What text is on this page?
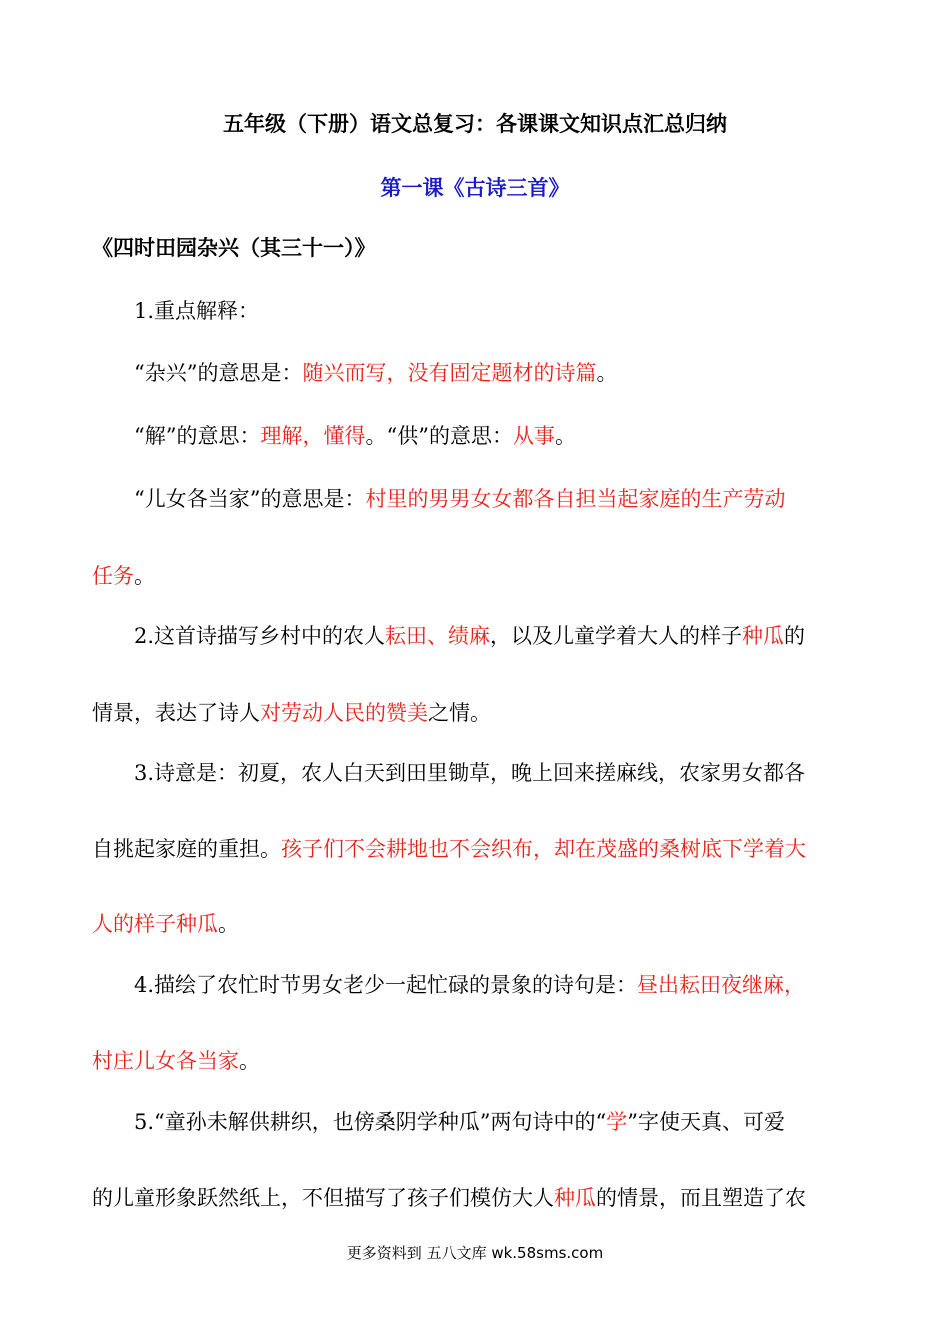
五年级（下册）语文总复习：各课课文知识点汇总归纳
第一课《古诗三首》
《四时田园杂兴（其三十一）》
1.重点解释：
“杂兴”的意思是：随兴而写，没有固定题材的诗篇。
“解”的意思：理解，懂得。“供”的意思：从事。
“儿女各当家”的意思是：村里的男男女女都各自担当起家庭的生产劳动
任务。
2.这首诗描写乡村中的农人耘田、绩麻，以及儿童学着大人的样子种瓜的
情景，表达了诗人对劳动人民的赞美之情。
3.诗意是：初夏，农人白天到田里锄草，晚上回来搓麻线，农家男女都各
自挑起家庭的重担。孩子们不会耕地也不会织布，却在茂盛的桑树底下学着大
人的样子种瓜。
4.描绘了农忙时节男女老少一起忙碌的景象的诗句是：昼出耘田夜继麻，
村庄儿女各当家。
5.“童孙未解供耕织，也傍桑阴学种瓜”两句诗中的“学”字使天真、可爱
的儿童形象跃然纸上，不但描写了孩子们模仿大人种瓜的情景，而且塑造了农
更多资料到 五八文库 wk.58sms.com
